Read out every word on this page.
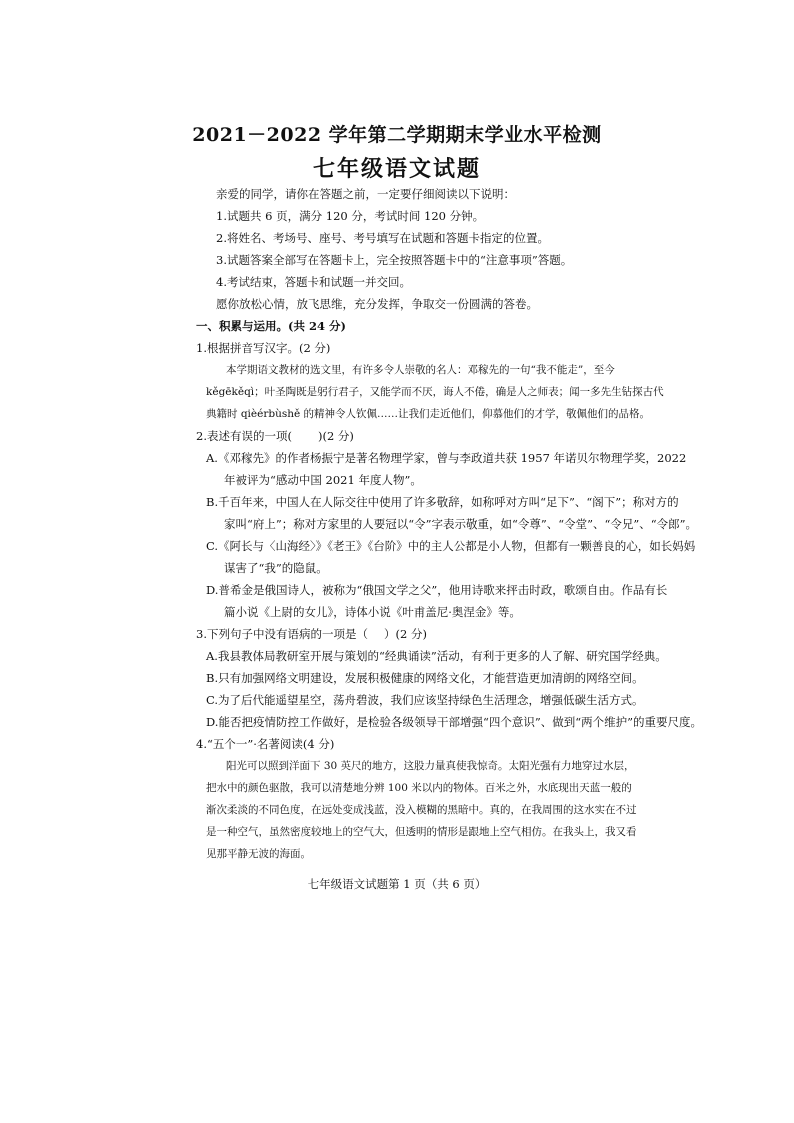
2021－2022 学年第二学期期末学业水平检测
七年级语文试题
亲爱的同学，请你在答题之前，一定要仔细阅读以下说明：
1.试题共 6 页，满分 120 分，考试时间 120 分钟。
2.将姓名、考场号、座号、考号填写在试题和答题卡指定的位置。
3.试题答案全部写在答题卡上，完全按照答题卡中的“注意事项”答题。
4.考试结束，答题卡和试题一并交回。
愿你放松心情，放飞思维，充分发挥，争取交一份圆满的答卷。
一、积累与运用。(共 24 分)
1.根据拼音写汉字。(2 分)
本学期语文教材的选文里，有许多令人崇敬的名人：邓稼先的一句“我不能走”，至今
kěgēkěqì；叶圣陶既是躬行君子，又能学而不厌，诲人不倦，确是人之师表；闻一多先生钻探古代
典籍时 qièérbùshě 的精神令人钦佩……让我们走近他们，仰慕他们的才学，敬佩他们的品格。
2.表述有误的一项( )(2 分)
A.《邓稼先》的作者杨振宁是著名物理学家，曾与李政道共获 1957 年诺贝尔物理学奖，2022
年被评为“感动中国 2021 年度人物”。
B.千百年来，中国人在人际交往中使用了许多敬辞，如称呼对方叫“足下”、“阁下”；称对方的
家叫“府上”；称对方家里的人要冠以“令”字表示敬重，如“令尊”、“令堂”、“令兄”、“令郎”。
C.《阿长与〈山海经〉》《老王》《台阶》中的主人公都是小人物，但都有一颗善良的心，如长妈妈
谋害了“我”的隐鼠。
D.普希金是俄国诗人，被称为“俄国文学之父”，他用诗歌来抨击时政，歌颂自由。作品有长
篇小说《上尉的女儿》，诗体小说《叶甫盖尼·奥涅金》等。
3.下列句子中没有语病的一项是（ ）(2 分)
A.我县教体局教研室开展与策划的“经典诵读”活动，有利于更多的人了解、研究国学经典。
B.只有加强网络文明建设，发展积极健康的网络文化，才能营造更加清朗的网络空间。
C.为了后代能遥望星空，荡舟碧波，我们应该坚持绿色生活理念，增强低碳生活方式。
D.能否把疫情防控工作做好，是检验各级领导干部增强“四个意识”、做到“两个维护”的重要尺度。
4.“五个一”·名著阅读(4 分)
阳光可以照到洋面下 30 英尺的地方，这股力量真使我惊奇。太阳光强有力地穿过水层，
把水中的颜色驱散，我可以清楚地分辨 100 米以内的物体。百米之外，水底现出天蓝一般的
渐次柔淡的不同色度，在远处变成浅蓝，没入模糊的黑暗中。真的，在我周围的这水实在不过
是一种空气，虽然密度较地上的空气大，但透明的情形是跟地上空气相仿。在我头上，我又看
见那平静无波的海面。
七年级语文试题第 1 页（共 6 页）
